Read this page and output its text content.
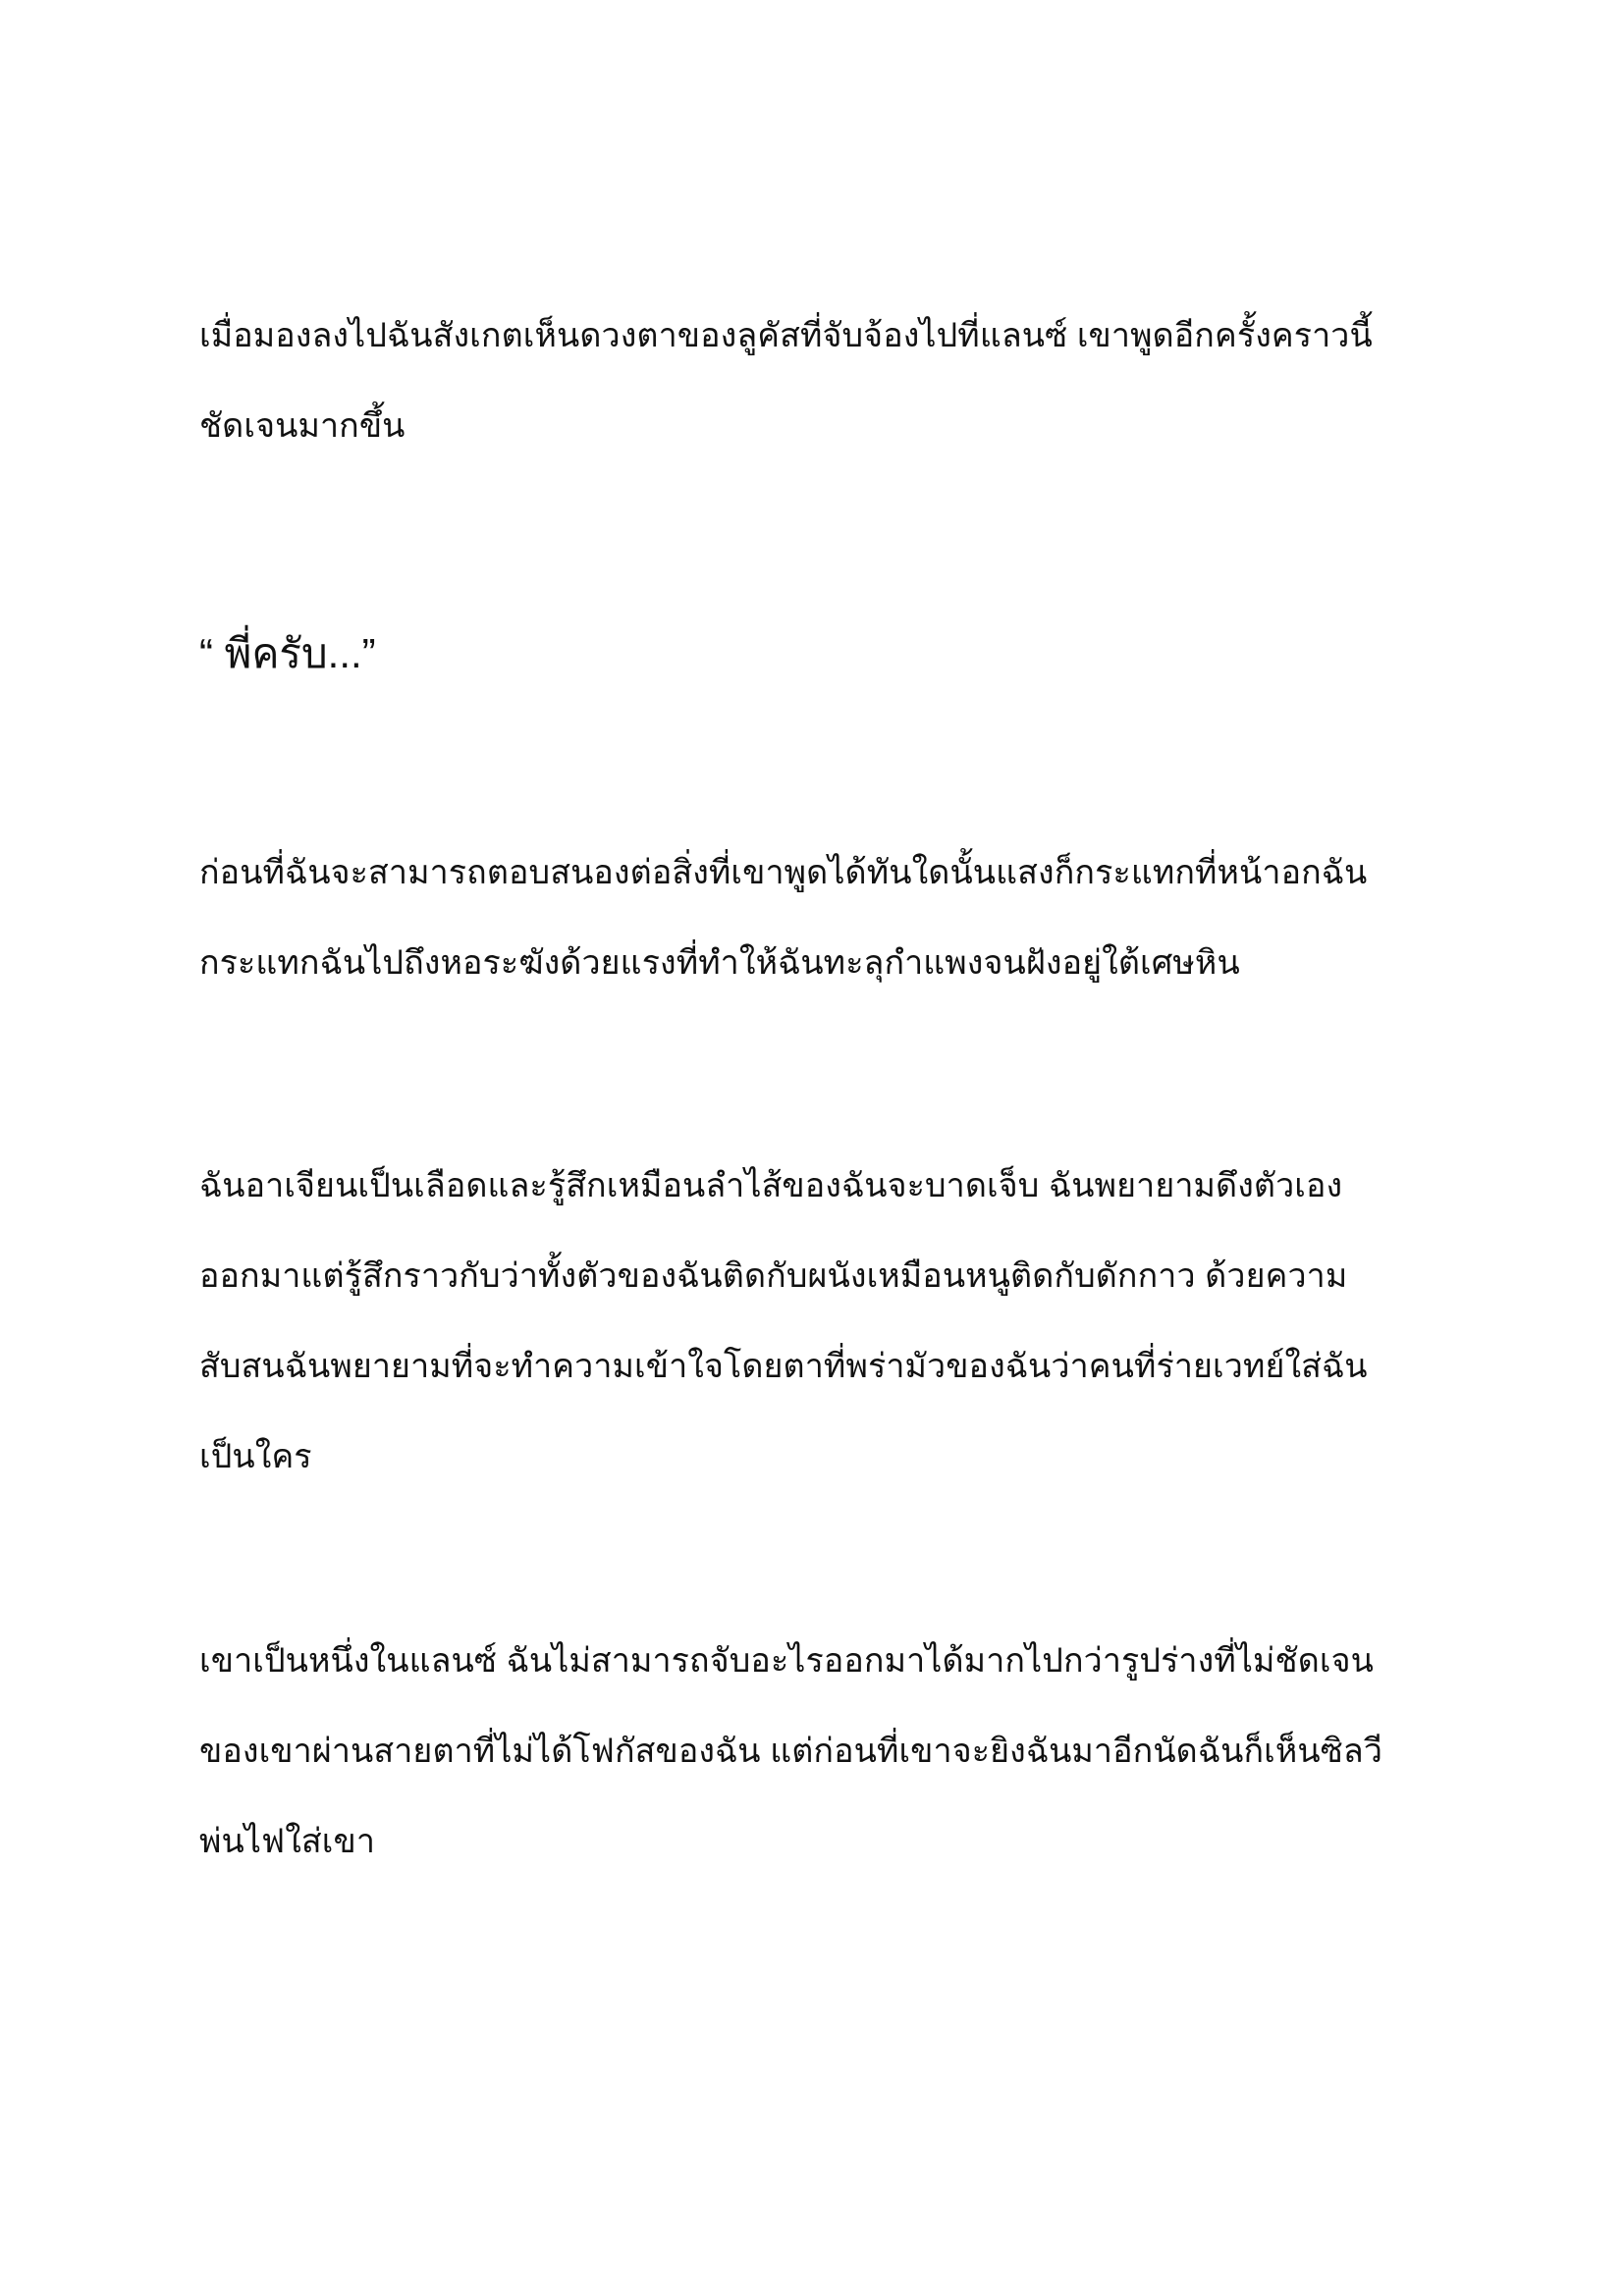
เมื่อมองลงไปฉันสังเกตเห็นดวงตาของลูคัสที่จับจ้องไปที่แลนซ์ เขาพูดอีกครั้งคราวนี้
ชัดเจนมากขึ้น

“ พี่ครับ...”

ก่อนที่ฉันจะสามารถตอบสนองต่อสิ่งที่เขาพูดได้ทันใดนั้นแสงก็กระแทกที่หน้าอกฉัน
กระแทกฉันไปถึงหอระฆังด้วยแรงที่ทำให้ฉันทะลุกำแพงจนฝังอยู่ใต้เศษหิน

ฉันอาเจียนเป็นเลือดและรู้สึกเหมือนลำไส้ของฉันจะบาดเจ็บ ฉันพยายามดึงตัวเอง
ออกมาแต่รู้สึกราวกับว่าทั้งตัวของฉันติดกับผนังเหมือนหนูติดกับดักกาว ด้วยความ
สับสนฉันพยายามที่จะทำความเข้าใจโดยตาที่พร่ามัวของฉันว่าคนที่ร่ายเวทย์ใส่ฉัน
เป็นใคร

เขาเป็นหนึ่งในแลนซ์ ฉันไม่สามารถจับอะไรออกมาได้มากไปกว่ารูปร่างที่ไม่ชัดเจน
ของเขาผ่านสายตาที่ไม่ได้โฟกัสของฉัน แต่ก่อนที่เขาจะยิงฉันมาอีกนัดฉันก็เห็นซิลวี
พ่นไฟใส่เขา
